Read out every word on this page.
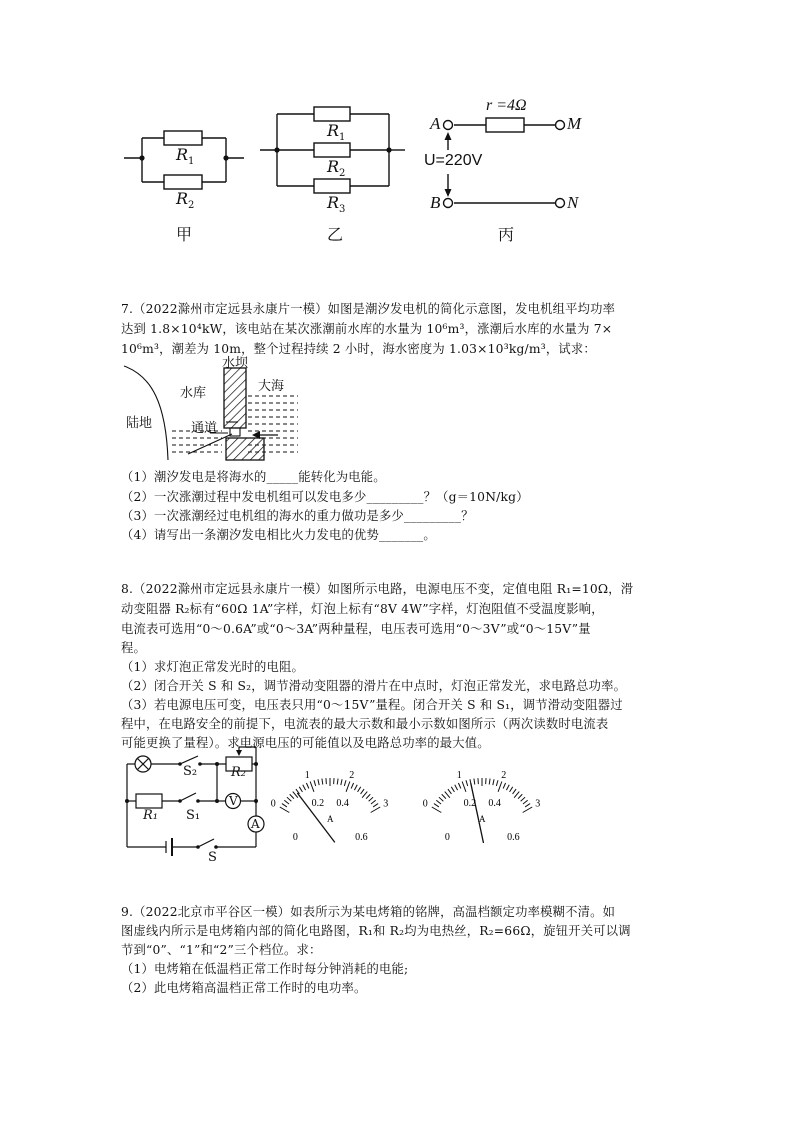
$R_1$
$R_2$
甲
$R_1$
$R_2$
$R_3$
乙
r =4Ω
A	M
B	N
U=220V
丙
7.（2022滁州市定远县永康片一模）如图是潮汐发电机的简化示意图，发电机组平均功率
达到 1.8×10⁴kW，该电站在某次涨潮前水库的水量为 10⁶m³，涨潮后水库的水量为 7×
10⁶m³，潮差为 10m，整个过程持续 2 小时，海水密度为 1.03×10³kg/m³，试求：
水坝
水库	大海
陆地	通道
（1）潮汐发电是将海水的_____能转化为电能。
（2）一次涨潮过程中发电机组可以发电多少_________？（g＝10N/kg）
（3）一次涨潮经过电机组的海水的重力做功是多少_________？
（4）请写出一条潮汐发电相比火力发电的优势_______。
8.（2022滁州市定远县永康片一模）如图所示电路，电源电压不变，定值电阻 R₁=10Ω，滑
动变阻器 R₂标有“60Ω 1A”字样，灯泡上标有“8V 4W”字样，灯泡阻值不受温度影响，
电流表可选用“0～0.6A”或“0～3A”两种量程，电压表可选用“0～3V”或“0～15V”量
程。
（1）求灯泡正常发光时的电阻。
（2）闭合开关 S 和 S₂，调节滑动变阻器的滑片在中点时，灯泡正常发光，求电路总功率。
（3）若电源电压可变，电压表只用“0～15V”量程。闭合开关 S 和 S₁，调节滑动变阻器过
程中，在电路安全的前提下，电流表的最大示数和最小示数如图所示（两次读数时电流表
可能更换了量程）。求电源电压的可能值以及电路总功率的最大值。
S₂	R₂
R₁ S₁
S
V
A
0
1	2
3
0
0.2 0.4
0.6
A
0
1	2
3
0
0.2 0.4
0.6
A
9.（2022北京市平谷区一模）如表所示为某电烤箱的铭牌，高温档额定功率模糊不清。如
图虚线内所示是电烤箱内部的简化电路图，R₁和 R₂均为电热丝，R₂=66Ω，旋钮开关可以调
节到“0”、“1”和“2”三个档位。求：
（1）电烤箱在低温档正常工作时每分钟消耗的电能;
（2）此电烤箱高温档正常工作时的电功率。
